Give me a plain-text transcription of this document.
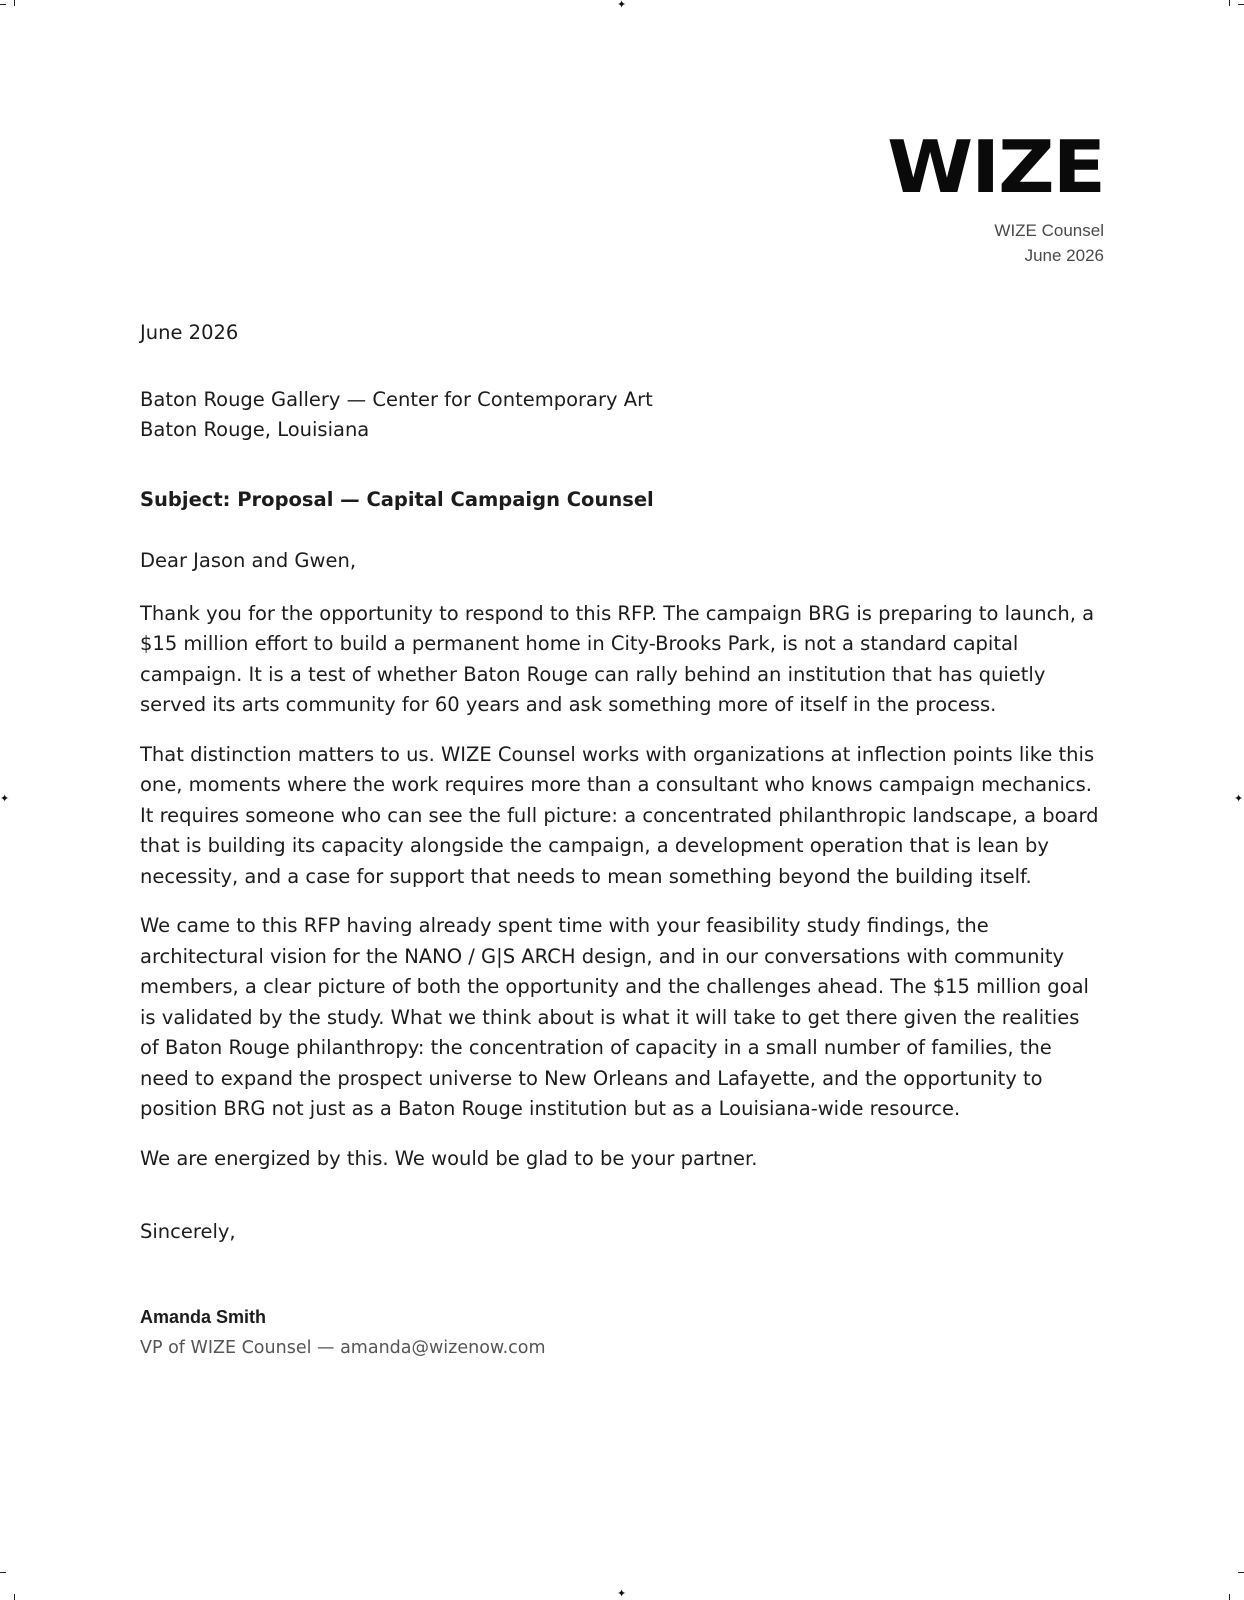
✦
✦
✦	✦
WIZE
WIZE Counsel
June 2026

June 2026

Baton Rouge Gallery — Center for Contemporary Art

Baton Rouge, Louisiana

Subject: Proposal — Capital Campaign Counsel

Dear Jason and Gwen,

Thank you for the opportunity to respond to this RFP. The campaign BRG is preparing to launch, a $15 million effort to build a permanent home in City-Brooks Park, is not a standard capital campaign. It is a test of whether Baton Rouge can rally behind an institution that has quietly served its arts community for 60 years and ask something more of itself in the process.

That distinction matters to us. WIZE Counsel works with organizations at inflection points like this one, moments where the work requires more than a consultant who knows campaign mechanics. It requires someone who can see the full picture: a concentrated philanthropic landscape, a board that is building its capacity alongside the campaign, a development operation that is lean by necessity, and a case for support that needs to mean something beyond the building itself.

We came to this RFP having already spent time with your feasibility study findings, the architectural vision for the NANO / G|S ARCH design, and in our conversations with community members, a clear picture of both the opportunity and the challenges ahead. The $15 million goal is validated by the study. What we think about is what it will take to get there given the realities of Baton Rouge philanthropy: the concentration of capacity in a small number of families, the need to expand the prospect universe to New Orleans and Lafayette, and the opportunity to position BRG not just as a Baton Rouge institution but as a Louisiana-wide resource.

We are energized by this. We would be glad to be your partner.

Sincerely,

Amanda Smith

VP of WIZE Counsel — amanda@wizenow.com
